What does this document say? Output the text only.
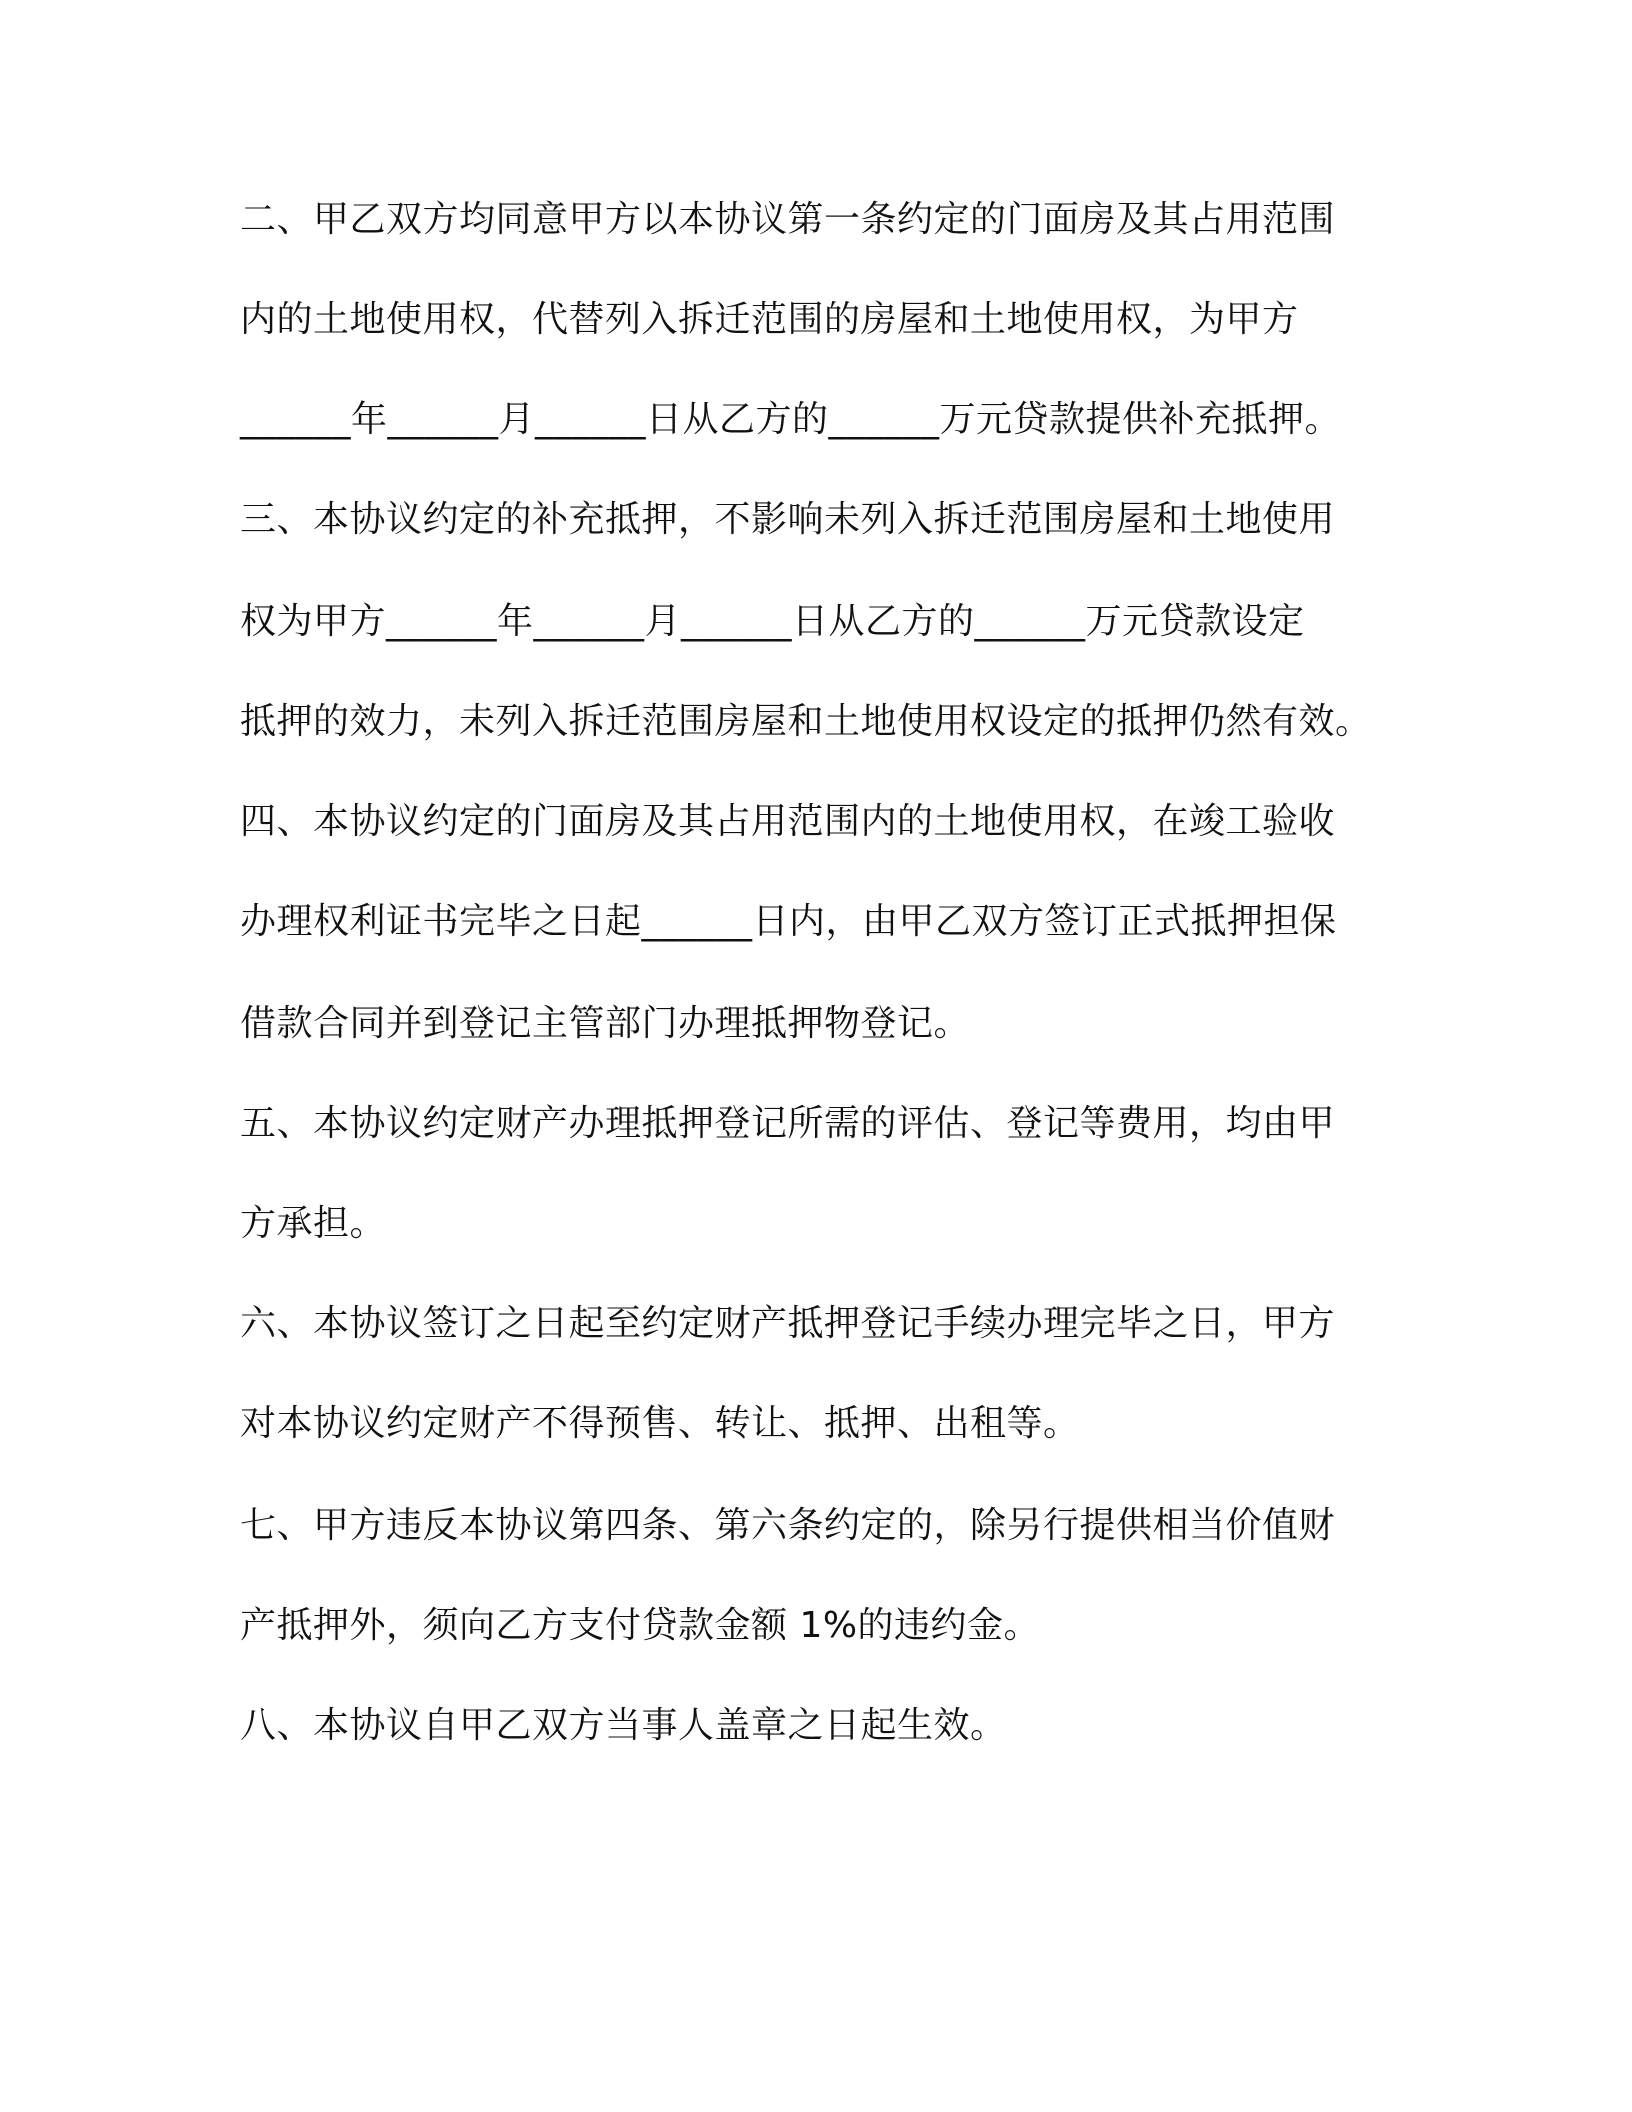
二、甲乙双方均同意甲方以本协议第一条约定的门面房及其占用范围
内的土地使用权，代替列入拆迁范围的房屋和土地使用权，为甲方
______年______月______日从乙方的______万元贷款提供补充抵押。
三、本协议约定的补充抵押，不影响未列入拆迁范围房屋和土地使用
权为甲方______年______月______日从乙方的______万元贷款设定
抵押的效力，未列入拆迁范围房屋和土地使用权设定的抵押仍然有效。
四、本协议约定的门面房及其占用范围内的土地使用权，在竣工验收
办理权利证书完毕之日起______日内，由甲乙双方签订正式抵押担保
借款合同并到登记主管部门办理抵押物登记。
五、本协议约定财产办理抵押登记所需的评估、登记等费用，均由甲
方承担。
六、本协议签订之日起至约定财产抵押登记手续办理完毕之日，甲方
对本协议约定财产不得预售、转让、抵押、出租等。
七、甲方违反本协议第四条、第六条约定的，除另行提供相当价值财
产抵押外，须向乙方支付贷款金额 1%的违约金。
八、本协议自甲乙双方当事人盖章之日起生效。
